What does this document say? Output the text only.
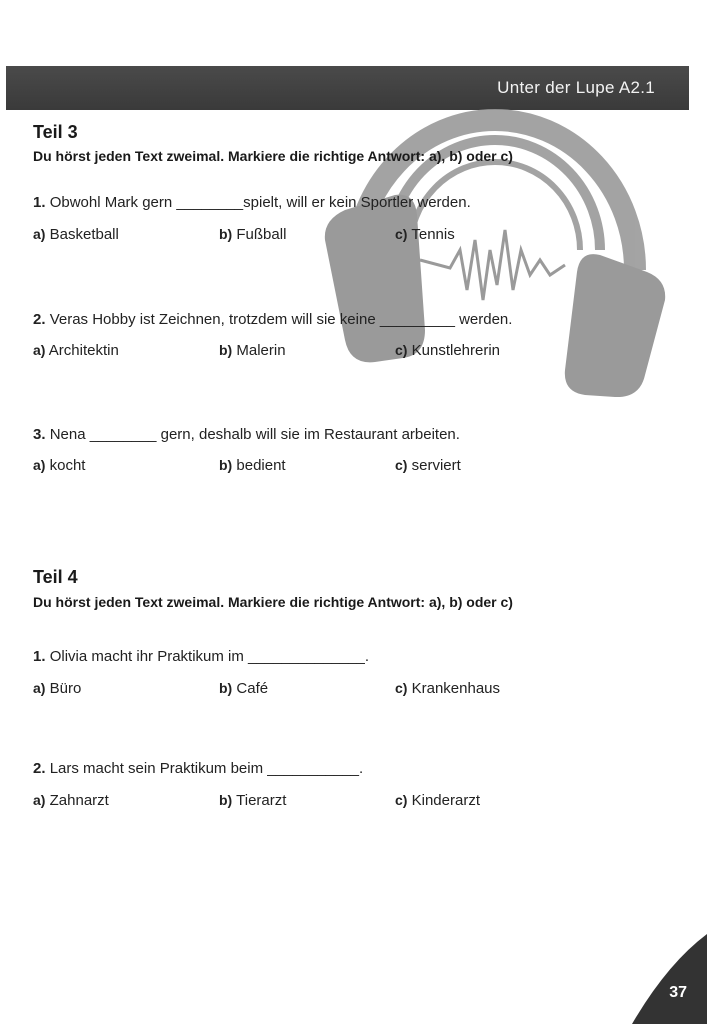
Unter der Lupe A2.1
Teil 3
Du hörst jeden Text zweimal. Markiere die richtige Antwort: a), b) oder c)
1. Obwohl Mark gern ________spielt, will er kein Sportler werden.
a) Basketball	b) Fußball	c) Tennis
2. Veras Hobby ist Zeichnen, trotzdem will sie keine _________ werden.
a) Architektin	b) Malerin	c) Kunstlehrerin
3. Nena ________ gern, deshalb will sie im Restaurant arbeiten.
a) kocht	b) bedient	c) serviert
Teil 4
Du hörst jeden Text zweimal. Markiere die richtige Antwort: a), b) oder c)
1. Olivia macht ihr Praktikum im ______________.
a) Büro	b) Café	c) Krankenhaus
2. Lars macht sein Praktikum beim ___________.
a) Zahnarzt	b) Tierarzt	c) Kinderarzt
37
